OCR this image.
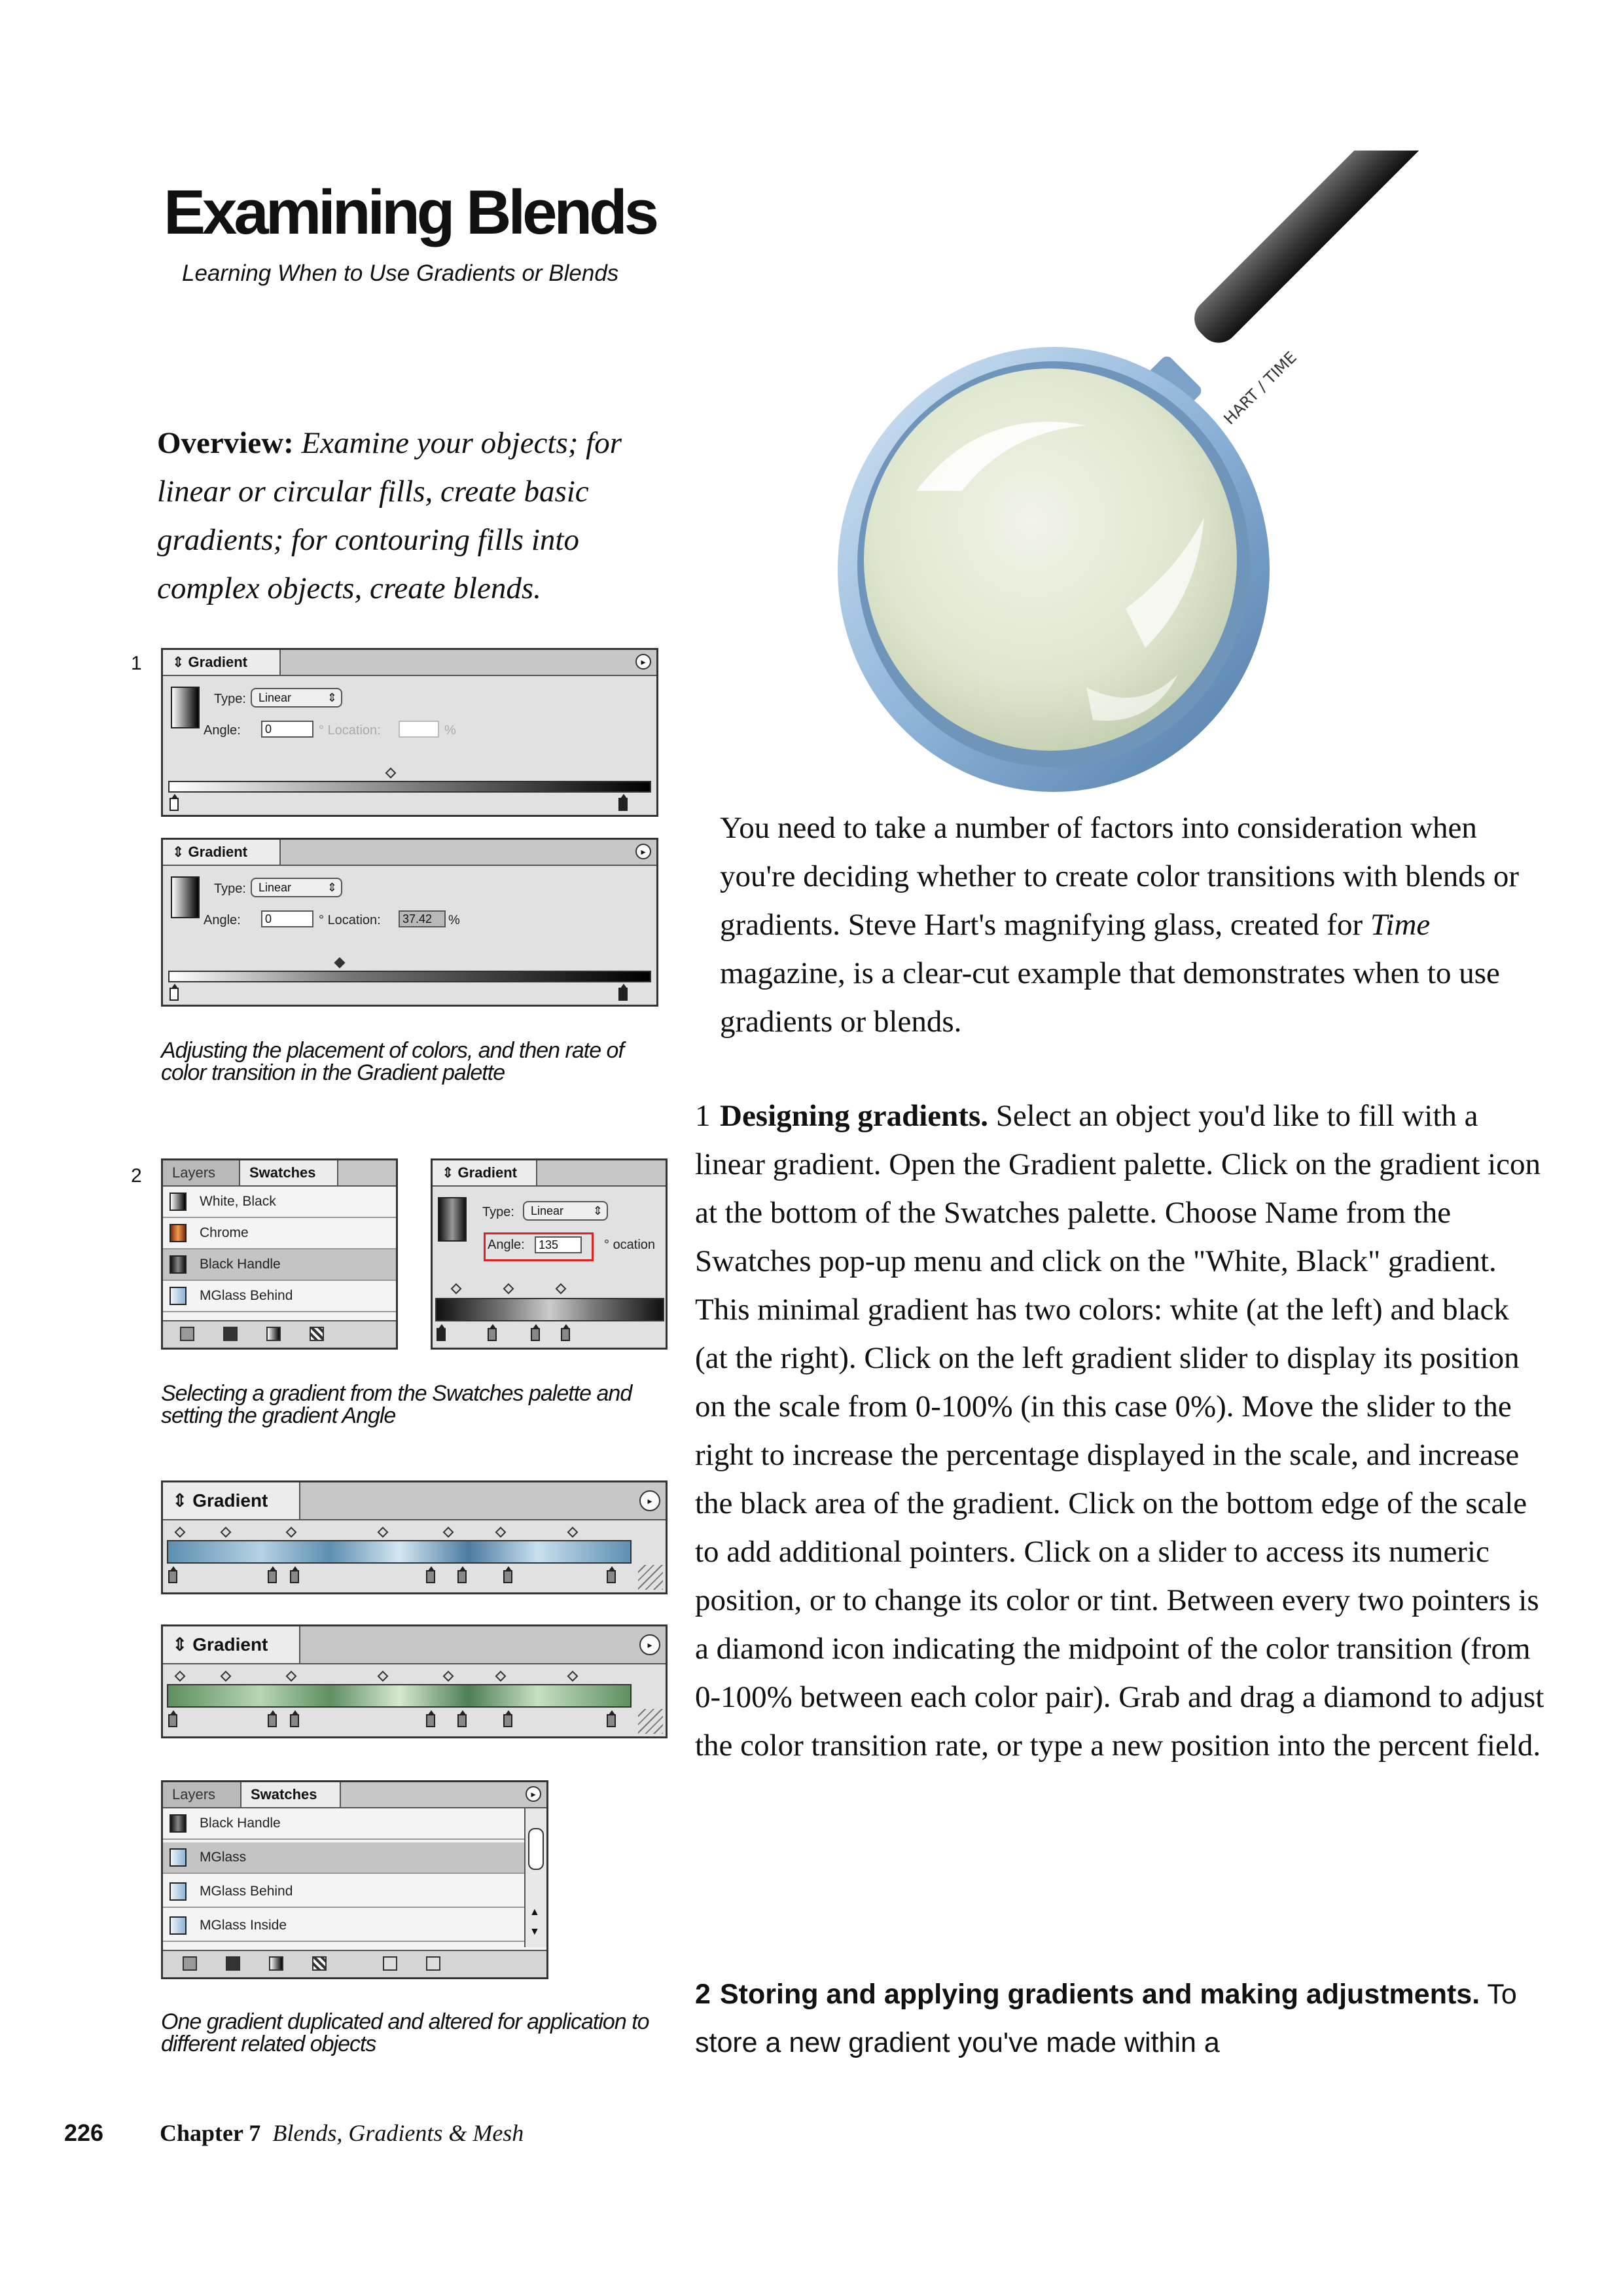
Examining Blends
Learning When to Use Gradients or Blends
Overview: Examine your objects; for linear or circular fills, create basic gradients; for contouring fills into complex objects, create blends.
HART / TIME
1	⇕ Gradient	▸
Type:	Linear	⇕
Angle:	0	° Location:	%
⇕ Gradient	▸
Type:	Linear	⇕
Angle:	0	° Location:	37.42	%
Adjusting the placement of colors, and then rate of color transition in the Gradient palette
2	Layers	Swatches
White, Black
Chrome
Black Handle
MGlass Behind
⇕ Gradient
Type:	Linear ⇕
Angle:	135	° ocation
Selecting a gradient from the Swatches palette and setting the gradient Angle
⇕ Gradient	▸
⇕ Gradient	▸
Layers	Swatches	▸
Black Handle
MGlass
MGlass Behind
MGlass Inside
▲
▼
One gradient duplicated and altered for application to different related objects
You need to take a number of factors into consideration when you're deciding whether to create color transitions with blends or gradients. Steve Hart's magnifying glass, created for Time magazine, is a clear-cut example that demonstrates when to use gradients or blends.
1 Designing gradients. Select an object you'd like to fill with a linear gradient. Open the Gradient palette. Click on the gradient icon at the bottom of the Swatches palette. Choose Name from the Swatches pop-up menu and click on the "White, Black" gradient. This minimal gradient has two colors: white (at the left) and black (at the right). Click on the left gradient slider to display its position on the scale from 0-100% (in this case 0%). Move the slider to the right to increase the percentage displayed in the scale, and increase the black area of the gradient. Click on the bottom edge of the scale to add additional pointers. Click on a slider to access its numeric position, or to change its color or tint. Between every two pointers is a diamond icon indicating the midpoint of the color transition (from 0-100% between each color pair). Grab and drag a diamond to adjust the color transition rate, or type a new position into the percent field.
2 Storing and applying gradients and making adjustments. To store a new gradient you've made within a
226 Chapter 7 Blends, Gradients & Mesh
